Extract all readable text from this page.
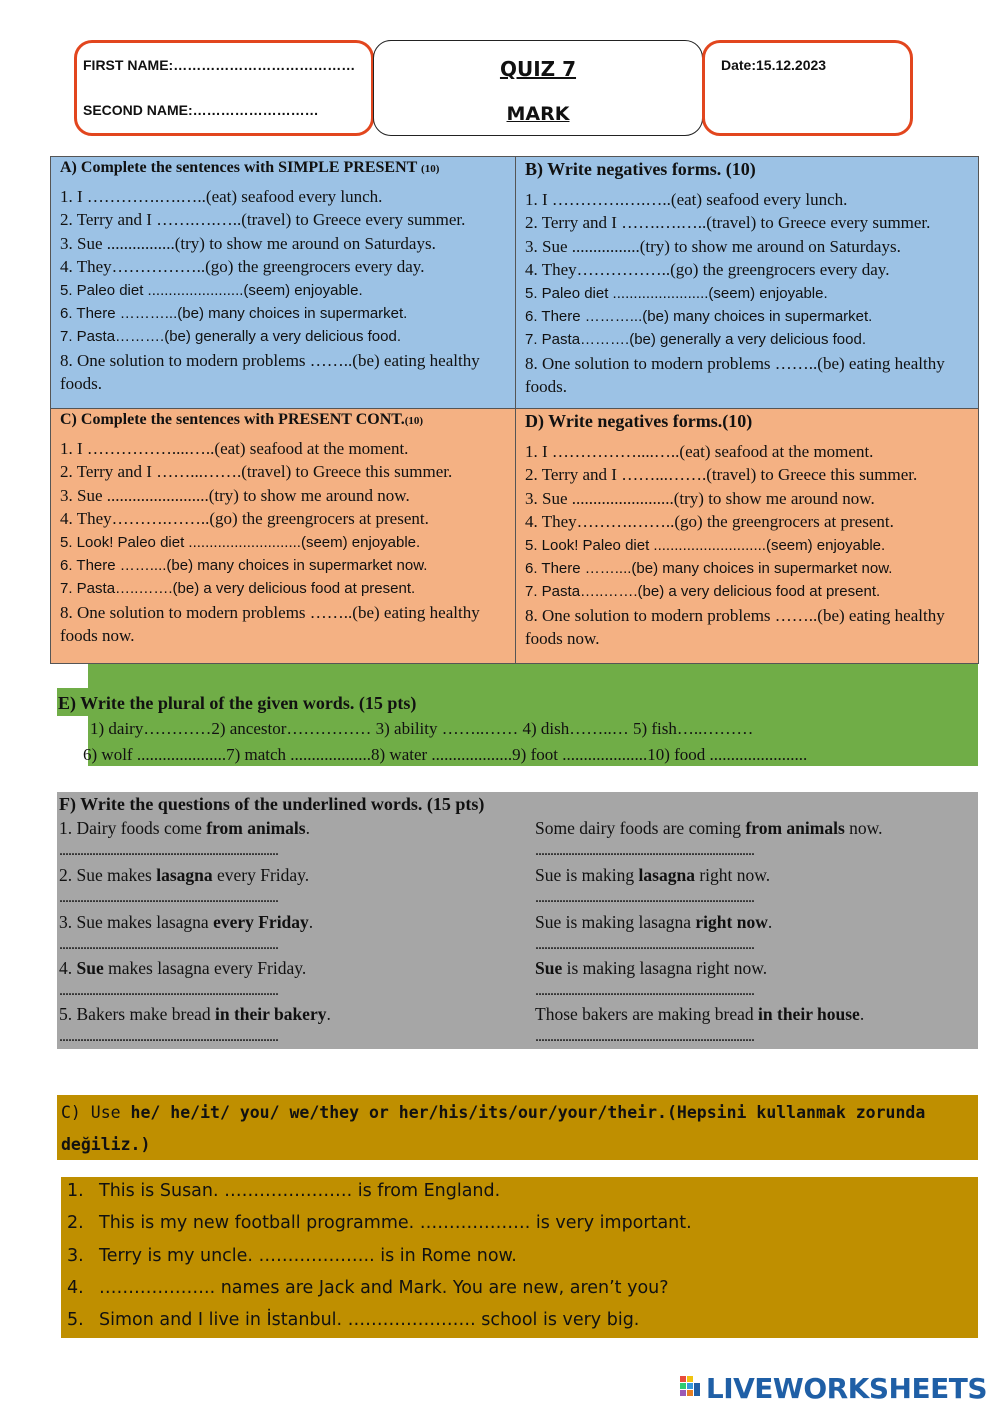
FIRST NAME:…………………………………
SECOND NAME:………………………
QUIZ 7
MARK
Date:15.12.2023
A) Complete the sentences with SIMPLE PRESENT (10)
1. I ………….….…..(eat) seafood every lunch.
2. Terry and I …….….…..(travel) to Greece every summer.
3. Sue ................(try) to show me around on Saturdays.
4. They……………..(go) the greengrocers every day.
5. Paleo diet .......................(seem) enjoyable.
6. There ………...(be) many choices in supermarket.
7. Pasta……….(be) generally a very delicious food.
8. One solution to modern problems ……..(be) eating healthy foods.
B) Write negatives forms. (10)
1. I ………….….…..(eat) seafood every lunch.
2. Terry and I …….….…..(travel) to Greece every summer.
3. Sue ................(try) to show me around on Saturdays.
4. They……………..(go) the greengrocers every day.
5. Paleo diet .......................(seem) enjoyable.
6. There ………...(be) many choices in supermarket.
7. Pasta……….(be) generally a very delicious food.
8. One solution to modern problems ……..(be) eating healthy foods.
C) Complete the sentences with PRESENT CONT.(10)
1. I ……………....…..(eat) seafood at the moment.
2. Terry and I ……...…….(travel) to Greece this summer.
3. Sue ........................(try) to show me around now.
4. They……….……..(go) the greengrocers at present.
5. Look! Paleo diet ...........................(seem) enjoyable.
6. There ……....(be) many choices in supermarket now.
7. Pasta…..…….(be) a very delicious food at present.
8. One solution to modern problems ……..(be) eating healthy foods now.
D) Write negatives forms.(10)
1. I ……………....…..(eat) seafood at the moment.
2. Terry and I ……...…….(travel) to Greece this summer.
3. Sue ........................(try) to show me around now.
4. They……….……..(go) the greengrocers at present.
5. Look! Paleo diet ...........................(seem) enjoyable.
6. There ……....(be) many choices in supermarket now.
7. Pasta…..…….(be) a very delicious food at present.
8. One solution to modern problems ……..(be) eating healthy foods now.
E) Write the plural of the given words. (15 pts)
1) dairy…………2) ancestor…………… 3) ability ……..…… 4) dish……..… 5) fish…..………
6) wolf .....................7) match ...................8) water ...................9) foot ....................10) food .......................
F) Write the questions of the underlined words. (15 pts)
1. Dairy foods come from animals.
.........................................................................
2. Sue makes lasagna every Friday.
.........................................................................
3. Sue makes lasagna every Friday.
.........................................................................
4. Sue makes lasagna every Friday.
.........................................................................
5. Bakers make bread in their bakery.
.........................................................................
Some dairy foods are coming from animals now.
.........................................................................
Sue is making lasagna right now.
.........................................................................
Sue is making lasagna right now.
.........................................................................
Sue is making lasagna right now.
.........................................................................
Those bakers are making bread in their house.
.........................................................................
C) Use he/ he/it/ you/ we/they or her/his/its/our/your/their.(Hepsini kullanmak zorunda değiliz.)
1. This is Susan. …………………. is from England.
2. This is my new football programme. ………………. is very important.
3. Terry is my uncle. ……………….. is in Rome now.
4. ……………….. names are Jack and Mark. You are new, aren’t you?
5. Simon and I live in İstanbul. …………………. school is very big.
LIVEWORKSHEETS
